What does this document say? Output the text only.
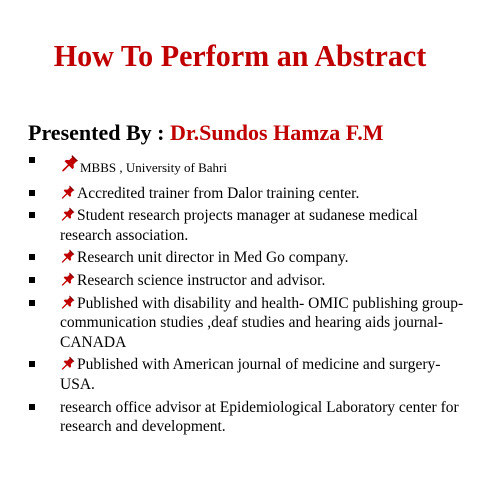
How To Perform an Abstract
Presented By : Dr.Sundos Hamza F.M
MBBS , University of Bahri
Accredited trainer from Dalor training center.
Student research projects manager at sudanese medical research association.
Research unit director in Med Go company.
Research science instructor and advisor.
Published with disability and health- OMIC publishing group- communication studies ,deaf studies and hearing aids journal- CANADA
Published with American journal of medicine and surgery-USA.
research office advisor at Epidemiological Laboratory center for research and development.
